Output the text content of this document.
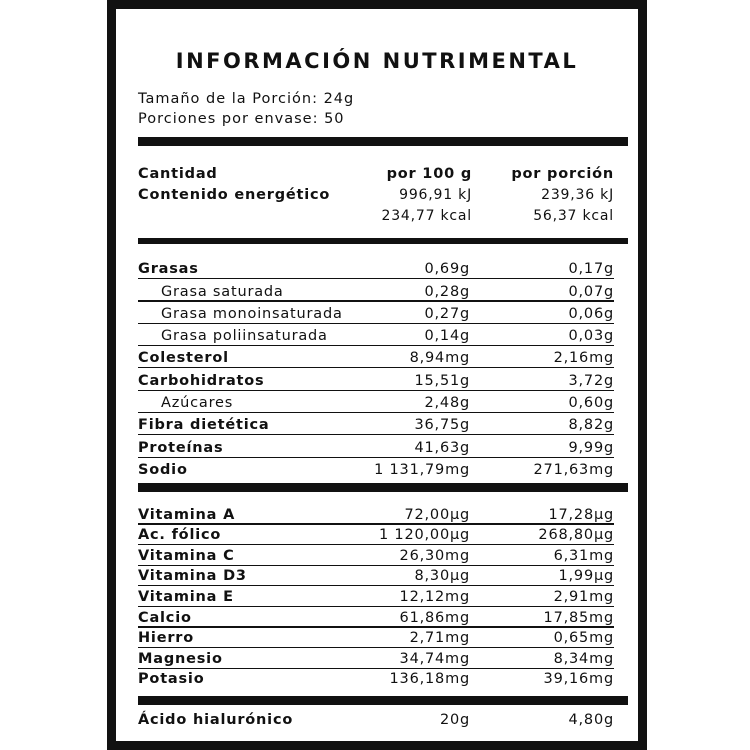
INFORMACIÓN NUTRIMENTAL
Tamaño de la Porción: 24g
Porciones por envase: 50
Cantidad	por 100 g	por porción
Contenido energético	996,91 kJ	239,36 kJ
234,77 kcal	56,37 kcal
Grasas	0,69g	0,17g
Grasa saturada	0,28g	0,07g
Grasa monoinsaturada	0,27g	0,06g
Grasa poliinsaturada	0,14g	0,03g
Colesterol	8,94mg	2,16mg
Carbohidratos	15,51g	3,72g
Azúcares	2,48g	0,60g
Fibra dietética	36,75g	8,82g
Proteínas	41,63g	9,99g
Sodio	1 131,79mg	271,63mg
Vitamina A	72,00μg	17,28μg
Ac. fólico	1 120,00μg	268,80μg
Vitamina C	26,30mg	6,31mg
Vitamina D3	8,30μg	1,99μg
Vitamina E	12,12mg	2,91mg
Calcio	61,86mg	17,85mg
Hierro	2,71mg	0,65mg
Magnesio	34,74mg	8,34mg
Potasio	136,18mg	39,16mg
Ácido hialurónico	20g	4,80g
